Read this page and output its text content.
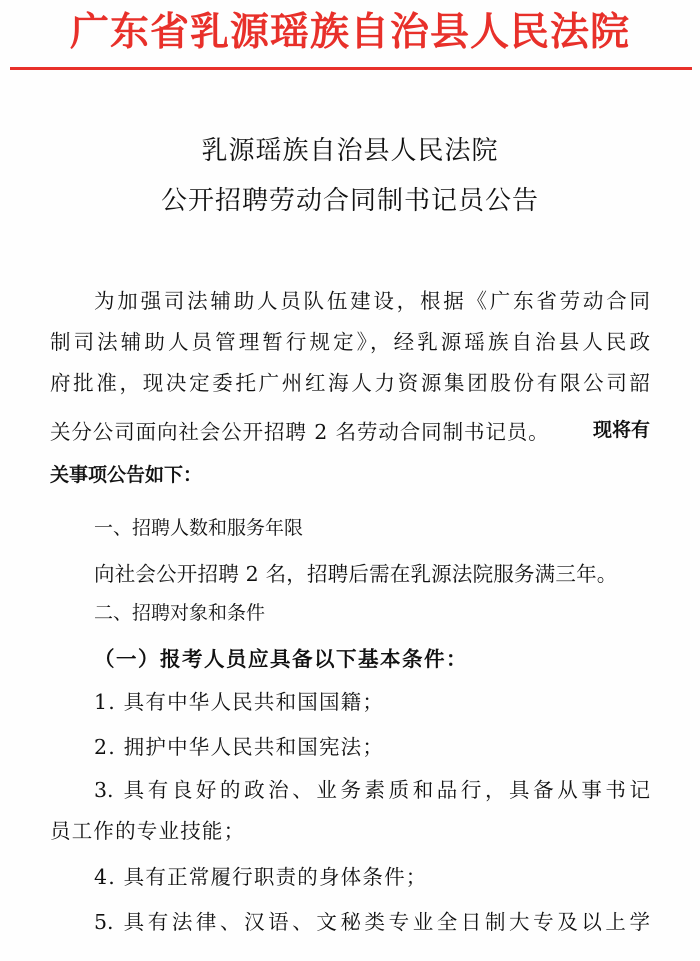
广东省乳源瑶族自治县人民法院
乳源瑶族自治县人民法院
公开招聘劳动合同制书记员公告
为加强司法辅助人员队伍建设，根据《广东省劳动合同
制司法辅助人员管理暂行规定》，经乳源瑶族自治县人民政
府批准，现决定委托广州红海人力资源集团股份有限公司韶
关分公司面向社会公开招聘 2 名劳动合同制书记员。 现将有
关事项公告如下：
一、招聘人数和服务年限
向社会公开招聘 2 名，招聘后需在乳源法院服务满三年。
二、招聘对象和条件
（一）报考人员应具备以下基本条件：
1. 具有中华人民共和国国籍；
2. 拥护中华人民共和国宪法；
3. 具有良好的政治、业务素质和品行，具备从事书记
员工作的专业技能；
4. 具有正常履行职责的身体条件；
5. 具有法律、汉语、文秘类专业全日制大专及以上学
